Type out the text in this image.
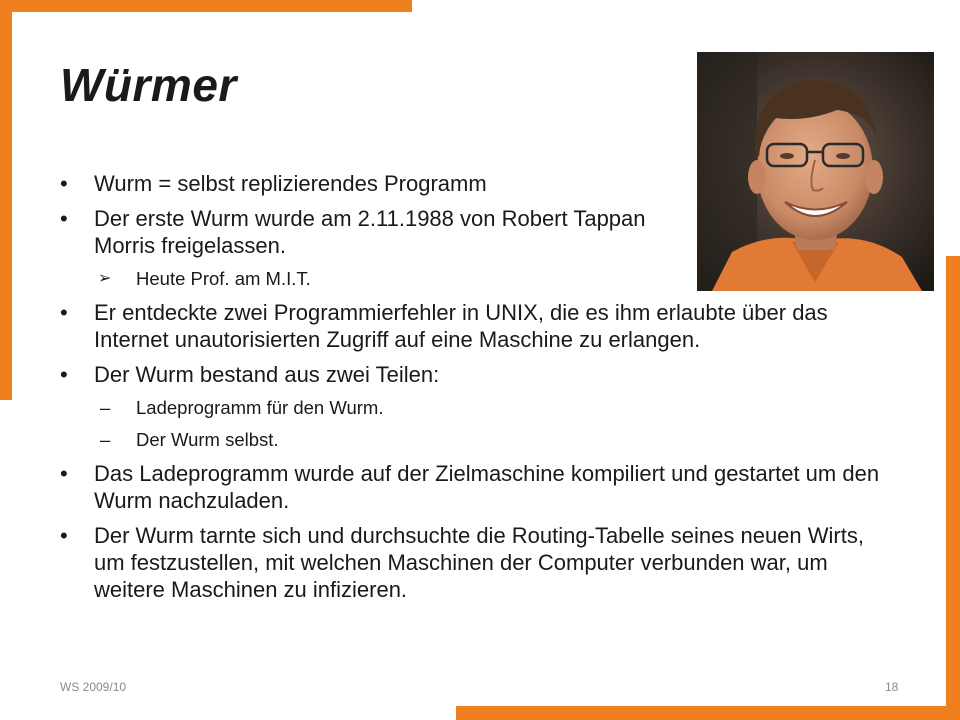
Würmer
•	Wurm = selbst replizierendes Programm
•	Der erste Wurm wurde am 2.11.1988 von Robert Tappan Morris freigelassen.
➢ Heute Prof. am M.I.T.
•	Er entdeckte zwei Programmierfehler in UNIX, die es ihm erlaubte über das Internet unautorisierten Zugriff auf eine Maschine zu erlangen.
•	Der Wurm bestand aus zwei Teilen:
– Ladeprogramm für den Wurm.
– Der Wurm selbst.
•	Das Ladeprogramm wurde auf der Zielmaschine kompiliert und gestartet um den Wurm nachzuladen.
•	Der Wurm tarnte sich und durchsuchte die Routing-Tabelle seines neuen Wirts, um festzustellen, mit welchen Maschinen der Computer verbunden war, um weitere Maschinen zu infizieren.
WS 2009/10	18
